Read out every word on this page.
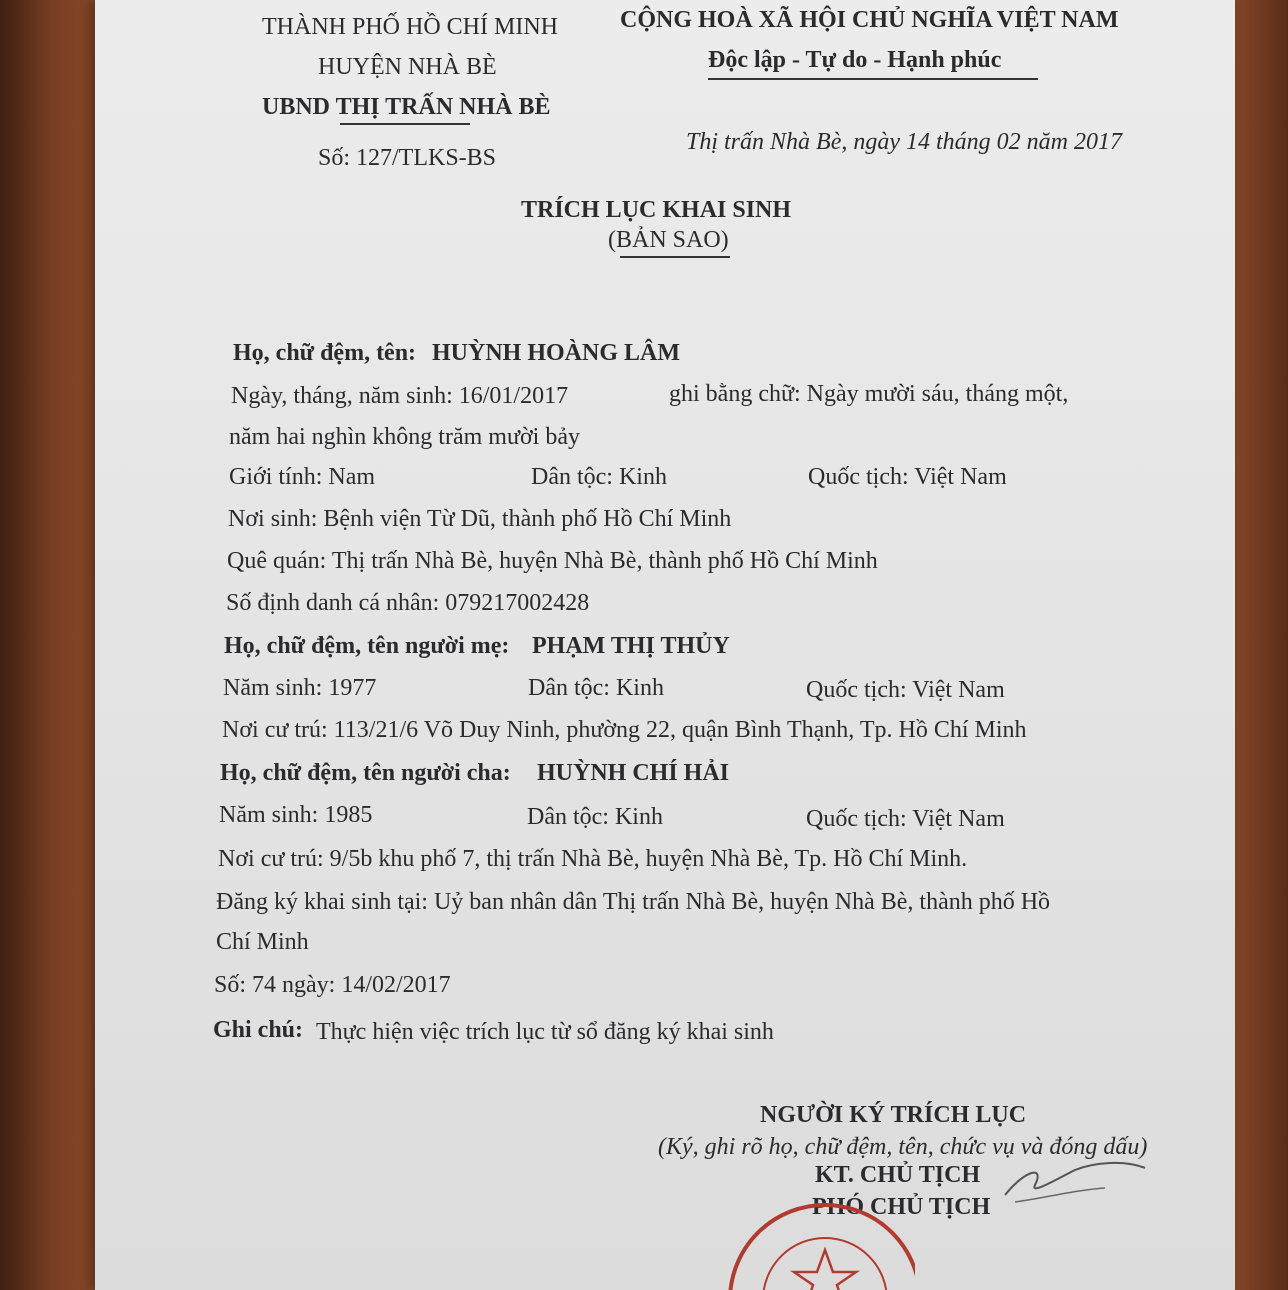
THÀNH PHỐ HỒ CHÍ MINH
HUYỆN NHÀ BÈ
UBND THỊ TRẤN NHÀ BÈ
Số: 127/TLKS-BS
CỘNG HOÀ XÃ HỘI CHỦ NGHĨA VIỆT NAM
Độc lập - Tự do - Hạnh phúc
Thị trấn Nhà Bè, ngày 14 tháng 02 năm 2017
TRÍCH LỤC KHAI SINH
(BẢN SAO)
Họ, chữ đệm, tên: HUỲNH HOÀNG LÂM
Ngày, tháng, năm sinh: 16/01/2017	ghi bằng chữ: Ngày mười sáu, tháng một,
năm hai nghìn không trăm mười bảy
Giới tính: Nam	Dân tộc: Kinh	Quốc tịch: Việt Nam
Nơi sinh: Bệnh viện Từ Dũ, thành phố Hồ Chí Minh
Quê quán: Thị trấn Nhà Bè, huyện Nhà Bè, thành phố Hồ Chí Minh
Số định danh cá nhân: 079217002428
Họ, chữ đệm, tên người mẹ: PHẠM THỊ THỦY
Năm sinh: 1977	Dân tộc: Kinh	Quốc tịch: Việt Nam
Nơi cư trú: 113/21/6 Võ Duy Ninh, phường 22, quận Bình Thạnh, Tp. Hồ Chí Minh
Họ, chữ đệm, tên người cha: HUỲNH CHÍ HẢI
Năm sinh: 1985	Dân tộc: Kinh	Quốc tịch: Việt Nam
Nơi cư trú: 9/5b khu phố 7, thị trấn Nhà Bè, huyện Nhà Bè, Tp. Hồ Chí Minh.
Đăng ký khai sinh tại: Uỷ ban nhân dân Thị trấn Nhà Bè, huyện Nhà Bè, thành phố Hồ
Chí Minh
Số: 74 ngày: 14/02/2017
Ghi chú: Thực hiện việc trích lục từ sổ đăng ký khai sinh
NGƯỜI KÝ TRÍCH LỤC
(Ký, ghi rõ họ, chữ đệm, tên, chức vụ và đóng dấu)
KT. CHỦ TỊCH
PHÓ CHỦ TỊCH
